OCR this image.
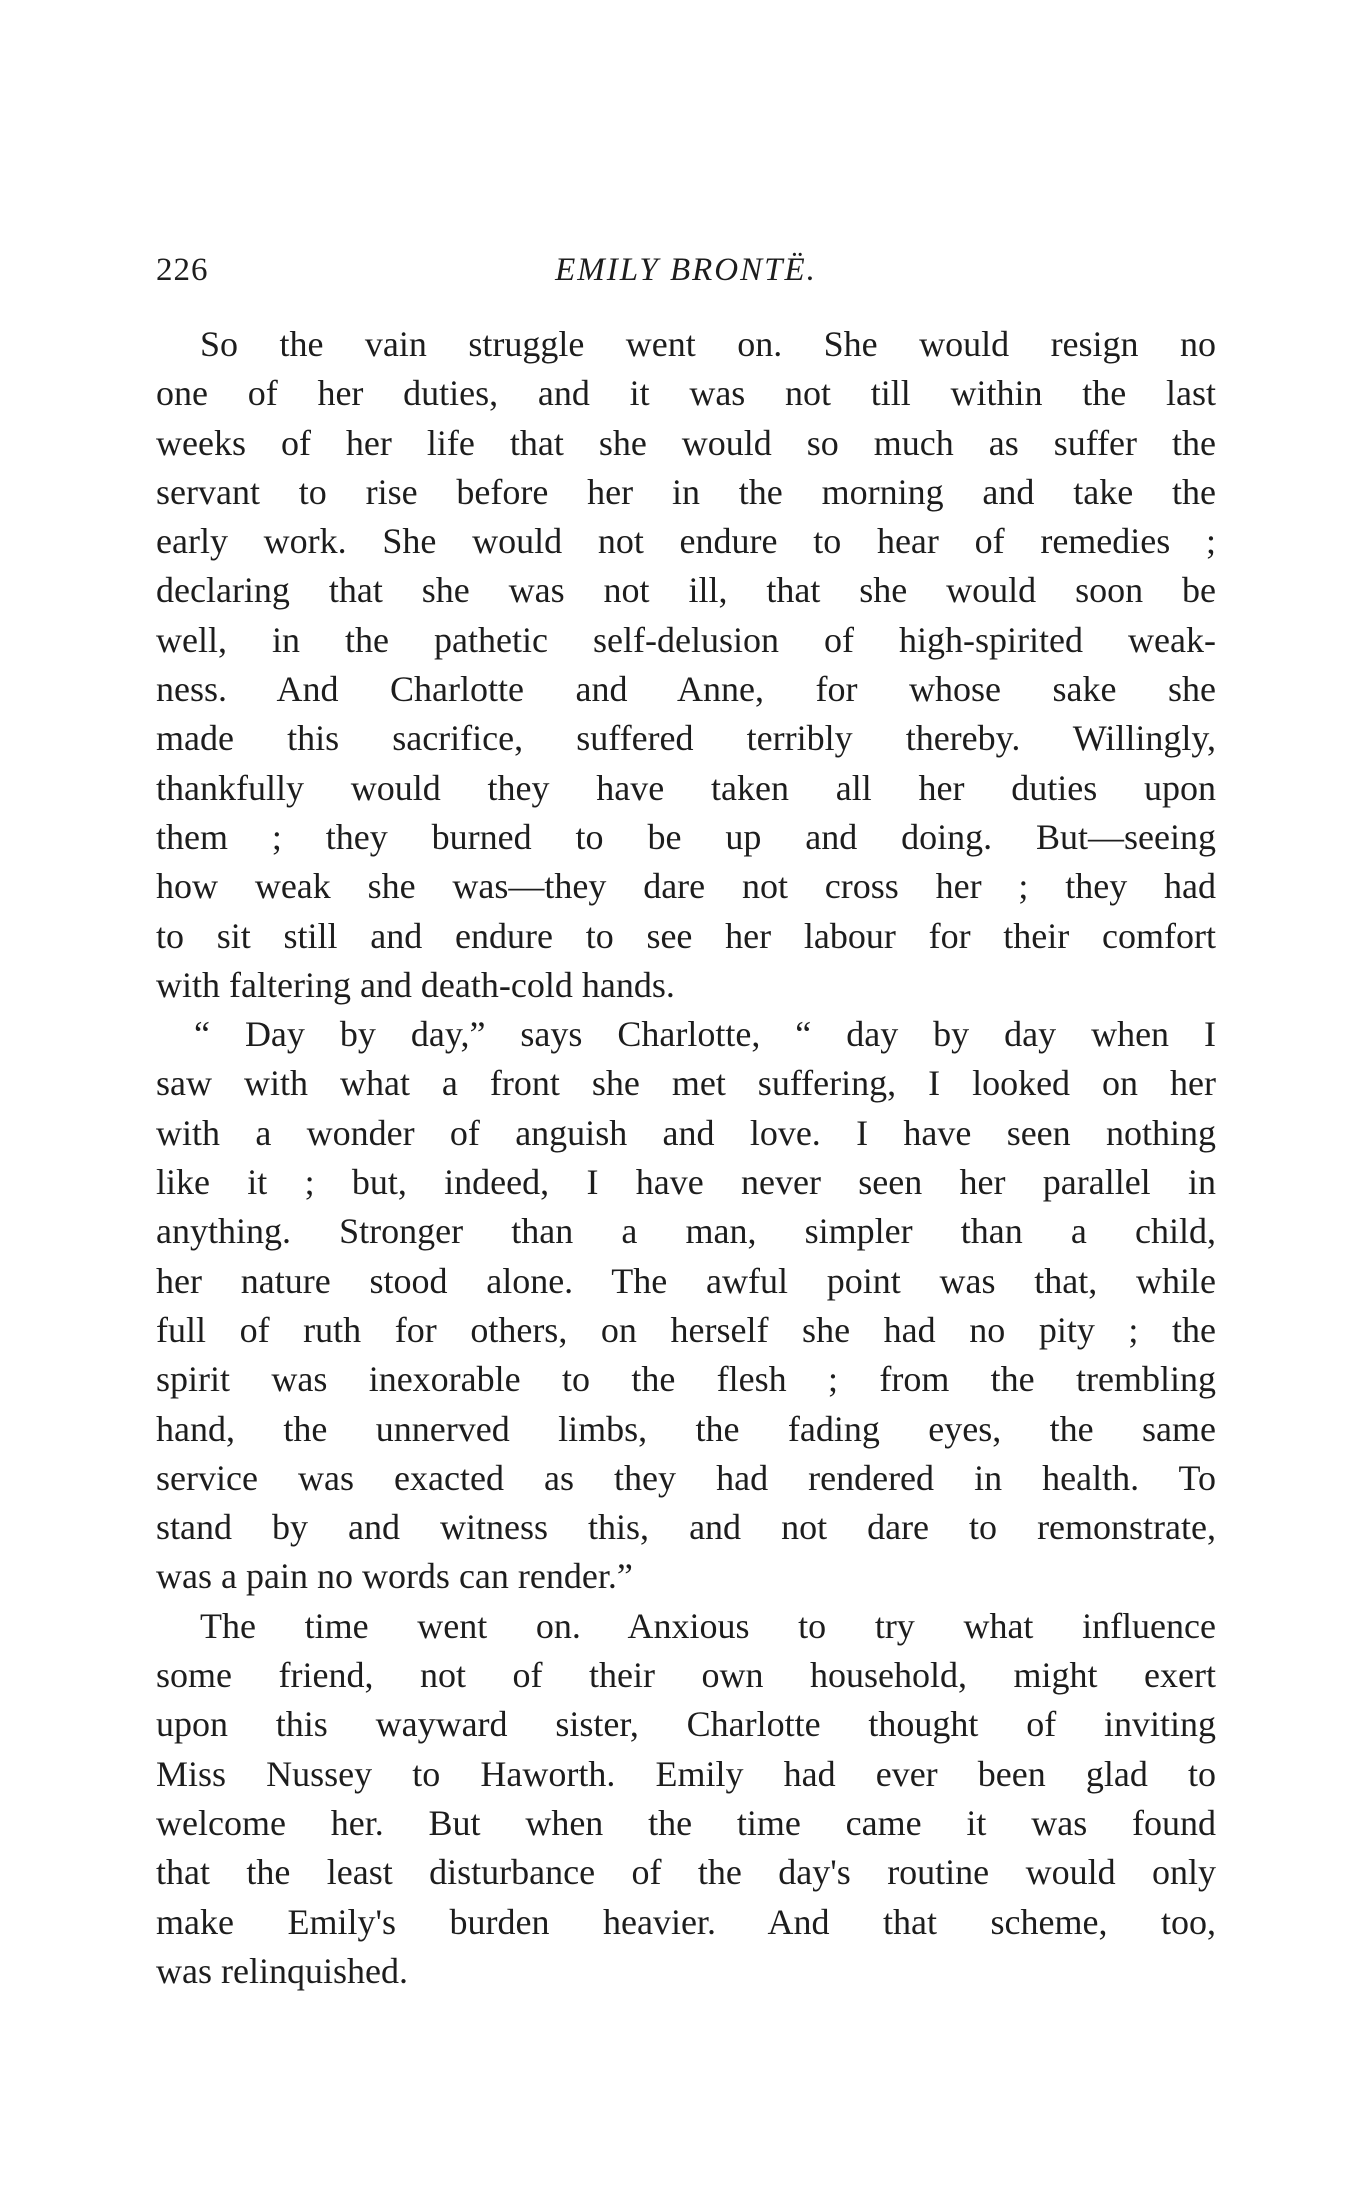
226	EMILY BRONTË.

So the vain struggle went on. She would resign no
one of her duties, and it was not till within the last
weeks of her life that she would so much as suffer the
servant to rise before her in the morning and take the
early work. She would not endure to hear of remedies ;
declaring that she was not ill, that she would soon be
well, in the pathetic self-delusion of high-spirited weak-
ness. And Charlotte and Anne, for whose sake she
made this sacrifice, suffered terribly thereby. Willingly,
thankfully would they have taken all her duties upon
them ; they burned to be up and doing. But—seeing
how weak she was—they dare not cross her ; they had
to sit still and endure to see her labour for their comfort
with faltering and death-cold hands.

“ Day by day,” says Charlotte, “ day by day when I
saw with what a front she met suffering, I looked on her
with a wonder of anguish and love. I have seen nothing
like it ; but, indeed, I have never seen her parallel in
anything. Stronger than a man, simpler than a child,
her nature stood alone. The awful point was that, while
full of ruth for others, on herself she had no pity ; the
spirit was inexorable to the flesh ; from the trembling
hand, the unnerved limbs, the fading eyes, the same
service was exacted as they had rendered in health. To
stand by and witness this, and not dare to remonstrate,
was a pain no words can render.”

The time went on. Anxious to try what influence
some friend, not of their own household, might exert
upon this wayward sister, Charlotte thought of inviting
Miss Nussey to Haworth. Emily had ever been glad to
welcome her. But when the time came it was found
that the least disturbance of the day's routine would only
make Emily's burden heavier. And that scheme, too,
was relinquished.
